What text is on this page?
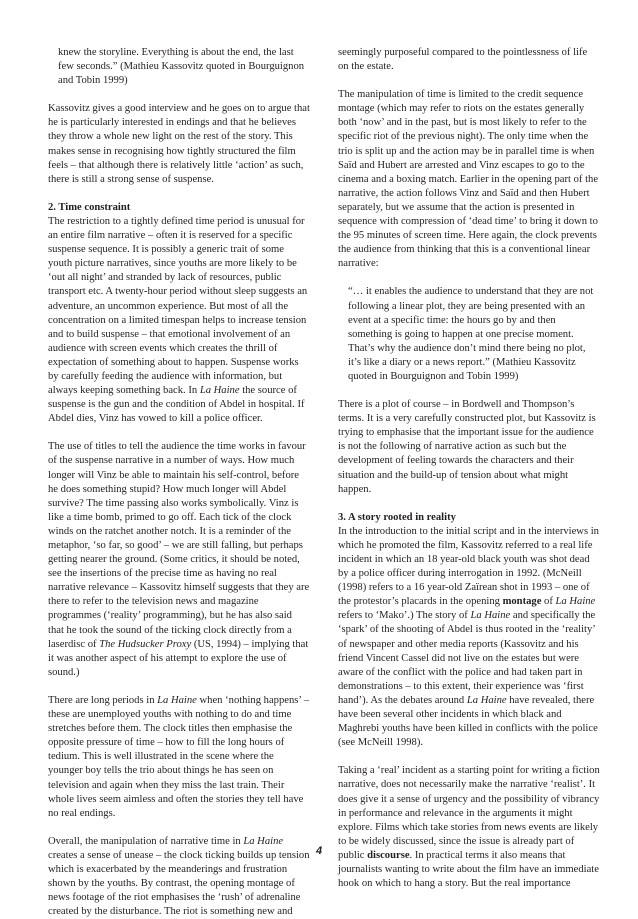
knew the storyline. Everything is about the end, the last few seconds.” (Mathieu Kassovitz quoted in Bourguignon and Tobin 1999)

Kassovitz gives a good interview and he goes on to argue that he is particularly interested in endings and that he believes they throw a whole new light on the rest of the story. This makes sense in recognising how tightly structured the film feels – that although there is relatively little ‘action’ as such, there is still a strong sense of suspense.

2. Time constraint

The restriction to a tightly defined time period is unusual for an entire film narrative – often it is reserved for a specific suspense sequence. It is possibly a generic trait of some youth picture narratives, since youths are more likely to be ‘out all night’ and stranded by lack of resources, public transport etc. A twenty-hour period without sleep suggests an adventure, an uncommon experience. But most of all the concentration on a limited timespan helps to increase tension and to build suspense – that emotional involvement of an audience with screen events which creates the thrill of expectation of something about to happen. Suspense works by carefully feeding the audience with information, but always keeping something back. In La Haine the source of suspense is the gun and the condition of Abdel in hospital. If Abdel dies, Vinz has vowed to kill a police officer.

The use of titles to tell the audience the time works in favour of the suspense narrative in a number of ways. How much longer will Vinz be able to maintain his self-control, before he does something stupid? How much longer will Abdel survive? The time passing also works symbolically. Vinz is like a time bomb, primed to go off. Each tick of the clock winds on the ratchet another notch. It is a reminder of the metaphor, ‘so far, so good’ – we are still falling, but perhaps getting nearer the ground. (Some critics, it should be noted, see the insertions of the precise time as having no real narrative relevance – Kassovitz himself suggests that they are there to refer to the television news and magazine programmes (‘reality’ programming), but he has also said that he took the sound of the ticking clock directly from a laserdisc of The Hudsucker Proxy (US, 1994) – implying that it was another aspect of his attempt to explore the use of sound.)

There are long periods in La Haine when ‘nothing happens’ – these are unemployed youths with nothing to do and time stretches before them. The clock titles then emphasise the opposite pressure of time – how to fill the long hours of tedium. This is well illustrated in the scene where the younger boy tells the trio about things he has seen on television and again when they miss the last train. Their whole lives seem aimless and often the stories they tell have no real endings.

Overall, the manipulation of narrative time in La Haine creates a sense of unease – the clock ticking builds up tension which is exacerbated by the meanderings and frustration shown by the youths. By contrast, the opening montage of news footage of the riot emphasises the ‘rush’ of adrenaline created by the disturbance. The riot is something new and

seemingly purposeful compared to the pointlessness of life on the estate.

The manipulation of time is limited to the credit sequence montage (which may refer to riots on the estates generally both ‘now’ and in the past, but is most likely to refer to the specific riot of the previous night). The only time when the trio is split up and the action may be in parallel time is when Saïd and Hubert are arrested and Vinz escapes to go to the cinema and a boxing match. Earlier in the opening part of the narrative, the action follows Vinz and Saïd and then Hubert separately, but we assume that the action is presented in sequence with compression of ‘dead time’ to bring it down to the 95 minutes of screen time. Here again, the clock prevents the audience from thinking that this is a conventional linear narrative:

“… it enables the audience to understand that they are not following a linear plot, they are being presented with an event at a specific time: the hours go by and then something is going to happen at one precise moment. That’s why the audience don’t mind there being no plot, it’s like a diary or a news report.” (Mathieu Kassovitz quoted in Bourguignon and Tobin 1999)

There is a plot of course – in Bordwell and Thompson’s terms. It is a very carefully constructed plot, but Kassovitz is trying to emphasise that the important issue for the audience is not the following of narrative action as such but the development of feeling towards the characters and their situation and the build-up of tension about what might happen.

3. A story rooted in reality

In the introduction to the initial script and in the interviews in which he promoted the film, Kassovitz referred to a real life incident in which an 18 year-old black youth was shot dead by a police officer during interrogation in 1992. (McNeill (1998) refers to a 16 year-old Zaïrean shot in 1993 – one of the protestor’s placards in the opening montage of La Haine refers to ‘Mako’.) The story of La Haine and specifically the ‘spark’ of the shooting of Abdel is thus rooted in the ‘reality’ of newspaper and other media reports (Kassovitz and his friend Vincent Cassel did not live on the estates but were aware of the conflict with the police and had taken part in demonstrations – to this extent, their experience was ‘first hand’). As the debates around La Haine have revealed, there have been several other incidents in which black and Maghrebi youths have been killed in conflicts with the police (see McNeill 1998).

Taking a ‘real’ incident as a starting point for writing a fiction narrative, does not necessarily make the narrative ‘realist’. It does give it a sense of urgency and the possibility of vibrancy in performance and relevance in the arguments it might explore. Films which take stories from news events are likely to be widely discussed, since the issue is already part of public discourse. In practical terms it also means that journalists wanting to write about the film have an immediate hook on which to hang a story. But the real importance

4
